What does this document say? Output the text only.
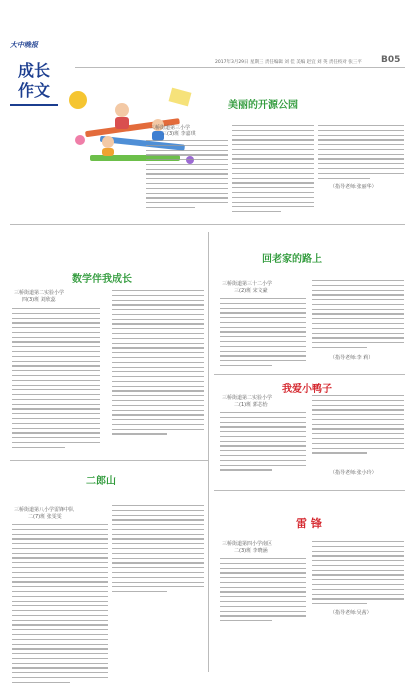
大中晚报
成长
作文
2017年3月29日 星期三 责任编辑 刘 佳 美编 赵宜 刘 英 责任校对 张三平 B05
美丽的开源公园
三桥街道第三小学
三(3)班 李嘉琪
（指导老师:张丽华）
数学伴我成长
三桥街道第二实验小学
四(3)班 刘欣蕊
回老家的路上
三桥街道第三十二小学
三(2)班 宋文豪
（指导老师:李 莉）
我爱小鸭子
三桥街道第二实验小学
二(1)班 郭芯怡
（指导老师:张小玲）
二郎山
三桥街道第八小学雷锋中队
二(7)班 张雯雯	雷 锋
三桥街道第四小学南区
二(3)班 李晓涵
（指导老师:吴茜）
